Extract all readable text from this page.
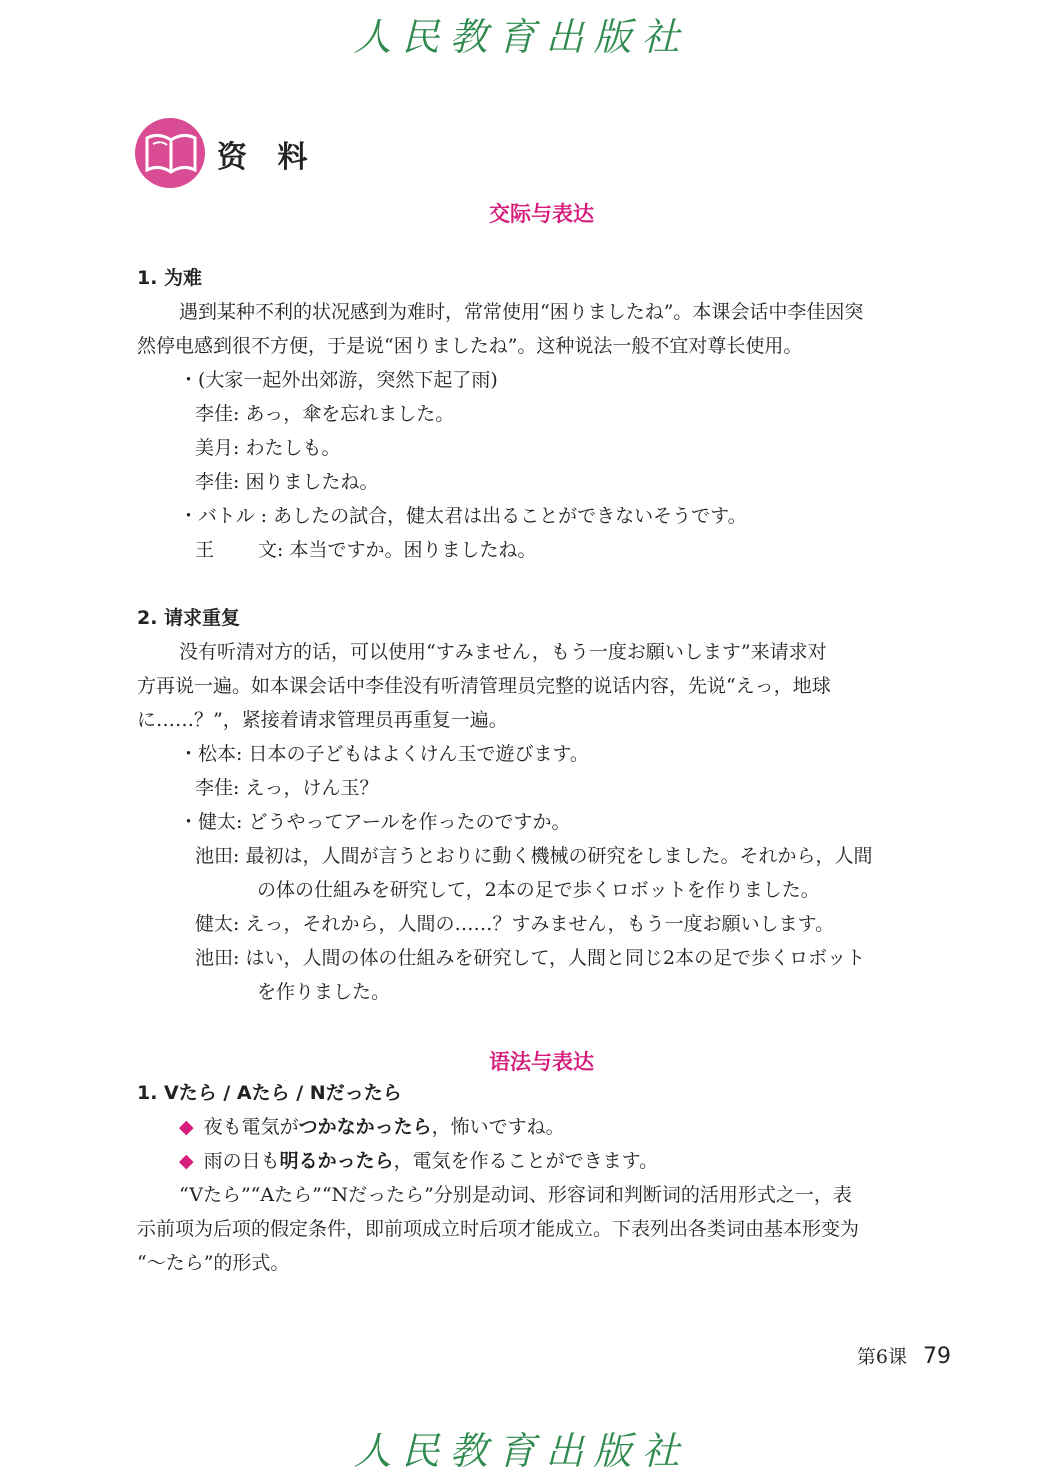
人民教育出版社
资 料
交际与表达
1. 为难
遇到某种不利的状况感到为难时，常常使用“困りましたね”。本课会话中李佳因突
然停电感到很不方便，于是说“困りましたね”。这种说法一般不宜对尊长使用。
・(大家一起外出郊游，突然下起了雨)
李佳: あっ，傘を忘れました。
美月: わたしも。
李佳: 困りましたね。
・バトル : あしたの試合，健太君は出ることができないそうです。
王 文: 本当ですか。困りましたね。
2. 请求重复
没有听清对方的话，可以使用“すみません，もう一度お願いします”来请求对
方再说一遍。如本课会话中李佳没有听清管理员完整的说话内容，先说“えっ，地球
に……？”，紧接着请求管理员再重复一遍。
・松本: 日本の子どもはよくけん玉で遊びます。
李佳: えっ，けん玉？
・健太: どうやってアールを作ったのですか。
池田: 最初は，人間が言うとおりに動く機械の研究をしました。それから，人間
の体の仕組みを研究して，2本の足で歩くロボットを作りました。
健太: えっ，それから，人間の……？すみません，もう一度お願いします。
池田: はい，人間の体の仕組みを研究して，人間と同じ2本の足で歩くロボット
を作りました。
语法与表达
1. Vたら / Aたら / Nだったら
◆ 夜も電気がつかなかったら，怖いですね。
◆ 雨の日も明るかったら，電気を作ることができます。
“Vたら”“Aたら”“Nだったら”分别是动词、形容词和判断词的活用形式之一，表
示前项为后项的假定条件，即前项成立时后项才能成立。下表列出各类词由基本形变为
“～たら”的形式。
第6课 79
人民教育出版社
